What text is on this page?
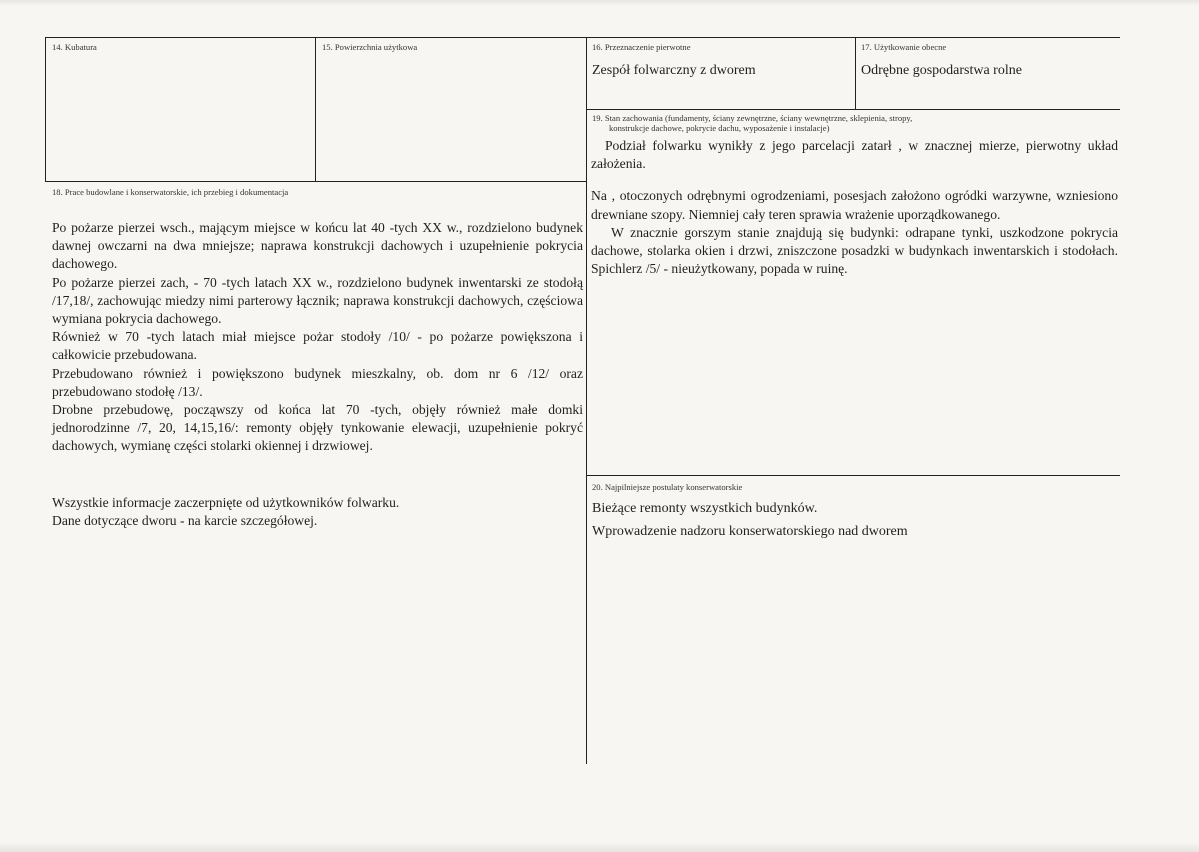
14. Kubatura	15. Powierzchnia użytkowa	16. Przeznaczenie pierwotne
Zespół folwarczny z dworem
17. Użytkowanie obecne
Odrębne gospodarstwa rolne
19. Stan zachowania (fundamenty, ściany zewnętrzne, ściany wewnętrzne, sklepienia, stropy,
konstrukcje dachowe, pokrycie dachu, wyposażenie i instalacje)

Podział folwarku wynikły z jego parcelacji zatarł , w znacznej mierze, pierwotny układ założenia.

Na , otoczonych odrębnymi ogrodzeniami, posesjach założono ogródki warzywne, wzniesiono drewniane szopy. Niemniej cały teren sprawia wrażenie uporządkowanego.

W znacznie gorszym stanie znajdują się budynki: odrapane tynki, uszkodzone pokrycia dachowe, stolarka okien i drzwi, zniszczone posadzki w budynkach inwentarskich i stodołach. Spichlerz /5/ - nieużytkowany, popada w ruinę.

18. Prace budowlane i konserwatorskie, ich przebieg i dokumentacja

Po pożarze pierzei wsch., mającym miejsce w końcu lat 40 -tych XX w., rozdzielono budynek dawnej owczarni na dwa mniejsze; naprawa konstrukcji dachowych i uzupełnienie pokrycia dachowego.

Po pożarze pierzei zach, - 70 -tych latach XX w., rozdzielono budynek inwentarski ze stodołą /17,18/, zachowując miedzy nimi parterowy łącznik; naprawa konstrukcji dachowych, częściowa wymiana pokrycia dachowego.

Również w 70 -tych latach miał miejsce pożar stodoły /10/ - po pożarze powiększona i całkowicie przebudowana.

Przebudowano również i powiększono budynek mieszkalny, ob. dom nr 6 /12/ oraz przebudowano stodołę /13/.

Drobne przebudowę, począwszy od końca lat 70 -tych, objęły również małe domki jednorodzinne /7, 20, 14,15,16/: remonty objęły tynkowanie elewacji, uzupełnienie pokryć dachowych, wymianę części stolarki okiennej i drzwiowej.

Wszystkie informacje zaczerpnięte od użytkowników folwarku.

Dane dotyczące dworu - na karcie szczegółowej.

20. Najpilniejsze postulaty konserwatorskie
Bieżące remonty wszystkich budynków.
Wprowadzenie nadzoru konserwatorskiego nad dworem
